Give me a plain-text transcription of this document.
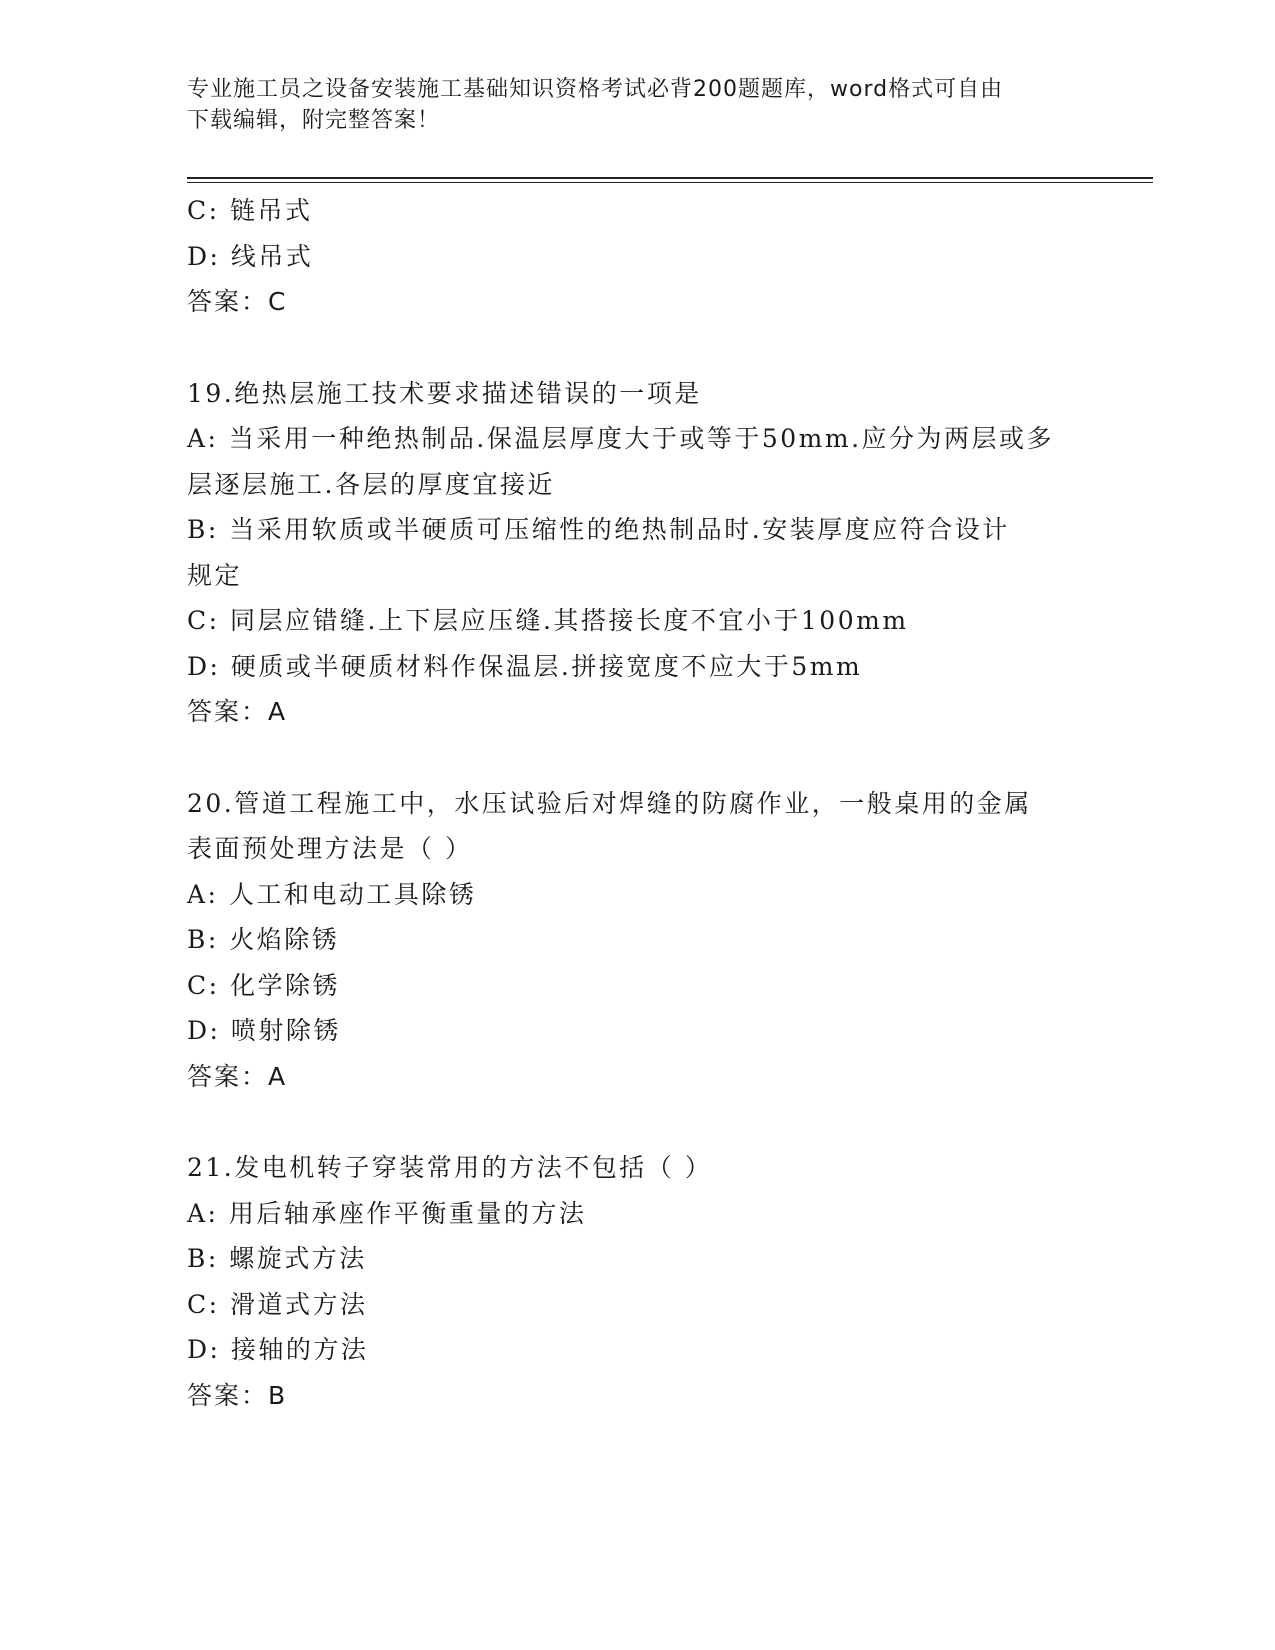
专业施工员之设备安装施工基础知识资格考试必背200题题库，word格式可自由
下载编辑，附完整答案！
C: 链吊式
D: 线吊式
答案：C
19.绝热层施工技术要求描述错误的一项是
A: 当采用一种绝热制品.保温层厚度大于或等于50mm.应分为两层或多
层逐层施工.各层的厚度宜接近
B: 当采用软质或半硬质可压缩性的绝热制品时.安装厚度应符合设计
规定
C: 同层应错缝.上下层应压缝.其搭接长度不宜小于100mm
D: 硬质或半硬质材料作保温层.拼接宽度不应大于5mm
答案：A
20.管道工程施工中，水压试验后对焊缝的防腐作业，一般桌用的金属
表面预处理方法是（ ）
A: 人工和电动工具除锈
B: 火焰除锈
C: 化学除锈
D: 喷射除锈
答案：A
21.发电机转子穿装常用的方法不包括（ ）
A: 用后轴承座作平衡重量的方法
B: 螺旋式方法
C: 滑道式方法
D: 接轴的方法
答案：B
